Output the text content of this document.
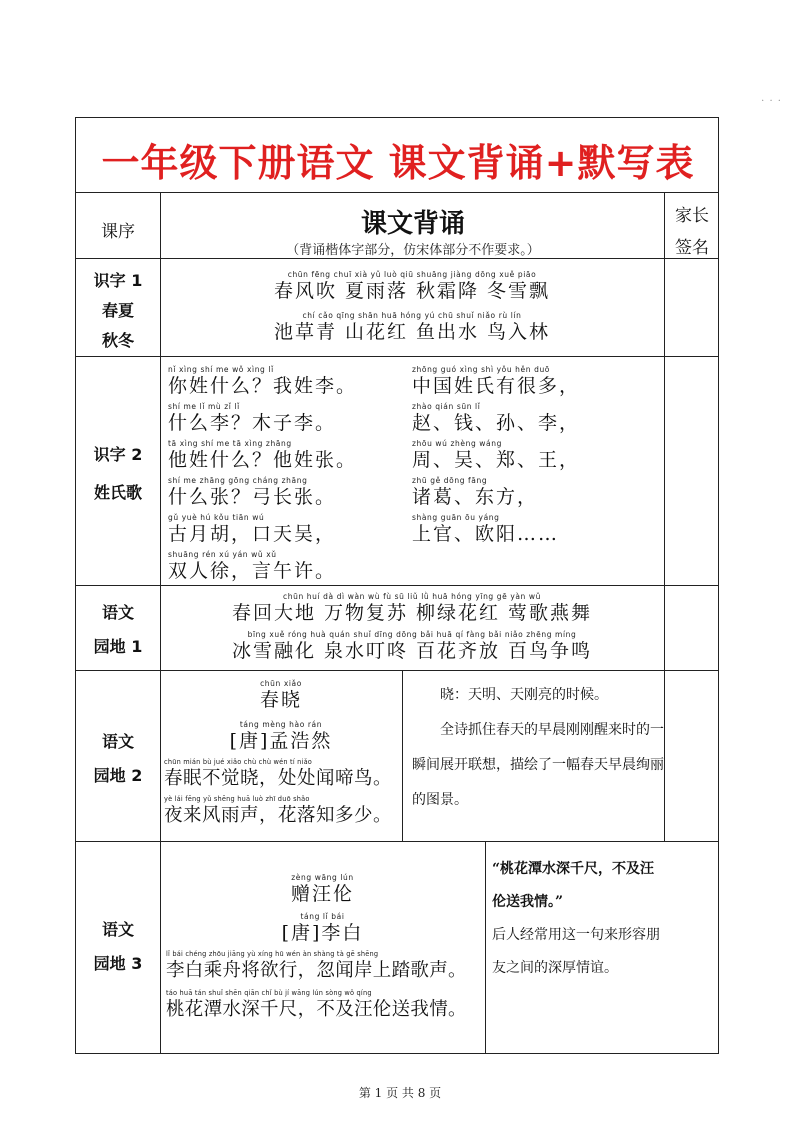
· · ·
一年级下册语文 课文背诵+默写表
课序	课文背诵
（背诵楷体字部分，仿宋体部分不作要求。）
家长
签名
识字 1
春夏
秋冬
chūn fēng chuī xià yǔ luò qiū shuāng jiàng dōng xuě piāo
春风吹 夏雨落 秋霜降 冬雪飘
chí cǎo qīng shān huā hóng yú chū shuǐ niǎo rù lín
池草青 山花红 鱼出水 鸟入林
识字 2
姓氏歌
nǐ xìng shí me wǒ xìng lǐ
你姓什么？我姓李。
shí me lǐ mù zǐ lǐ
什么李？木子李。
tā xìng shí me tā xìng zhāng
他姓什么？他姓张。
shí me zhāng gōng cháng zhāng
什么张？弓长张。
gǔ yuè hú kǒu tiān wú
古月胡，口天吴，
shuāng rén xú yán wǔ xǔ
双人徐，言午许。
zhōng guó xìng shì yǒu hěn duō
中国姓氏有很多，
zhào qián sūn lǐ
赵、钱、孙、李，
zhōu wú zhèng wáng
周、吴、郑、王，
zhū gě dōng fāng
诸葛、东方，
shàng guān ōu yáng
上官、欧阳……
语文
园地 1
chūn huí dà dì wàn wù fù sū liǔ lǜ huā hóng yīng gē yàn wǔ
春回大地 万物复苏 柳绿花红 莺歌燕舞
bīng xuě róng huà quán shuǐ dīng dōng bǎi huā qí fàng bǎi niǎo zhēng míng
冰雪融化 泉水叮咚 百花齐放 百鸟争鸣
语文
园地 2
chūn xiǎo
春晓
táng mèng hào rán
[唐]孟浩然
chūn mián bù jué xiǎo chù chù wén tí niǎo
春眠不觉晓，处处闻啼鸟。
yè lái fēng yǔ shēng huā luò zhī duō shǎo
夜来风雨声，花落知多少。

晓：天明、天刚亮的时候。

全诗抓住春天的早晨刚刚醒来时的一瞬间展开联想，描绘了一幅春天早晨绚丽的图景。

语文
园地 3
zèng wāng lún
赠汪伦
táng lǐ bái
[唐]李白
lǐ bái chéng zhōu jiāng yù xíng hū wén àn shàng tà gē shēng
李白乘舟将欲行，忽闻岸上踏歌声。
táo huā tán shuǐ shēn qiān chǐ bù jí wāng lún sòng wǒ qíng
桃花潭水深千尺，不及汪伦送我情。

“桃花潭水深千尺，不及汪伦送我情。”

后人经常用这一句来形容朋友之间的深厚情谊。

第 1 页 共 8 页
